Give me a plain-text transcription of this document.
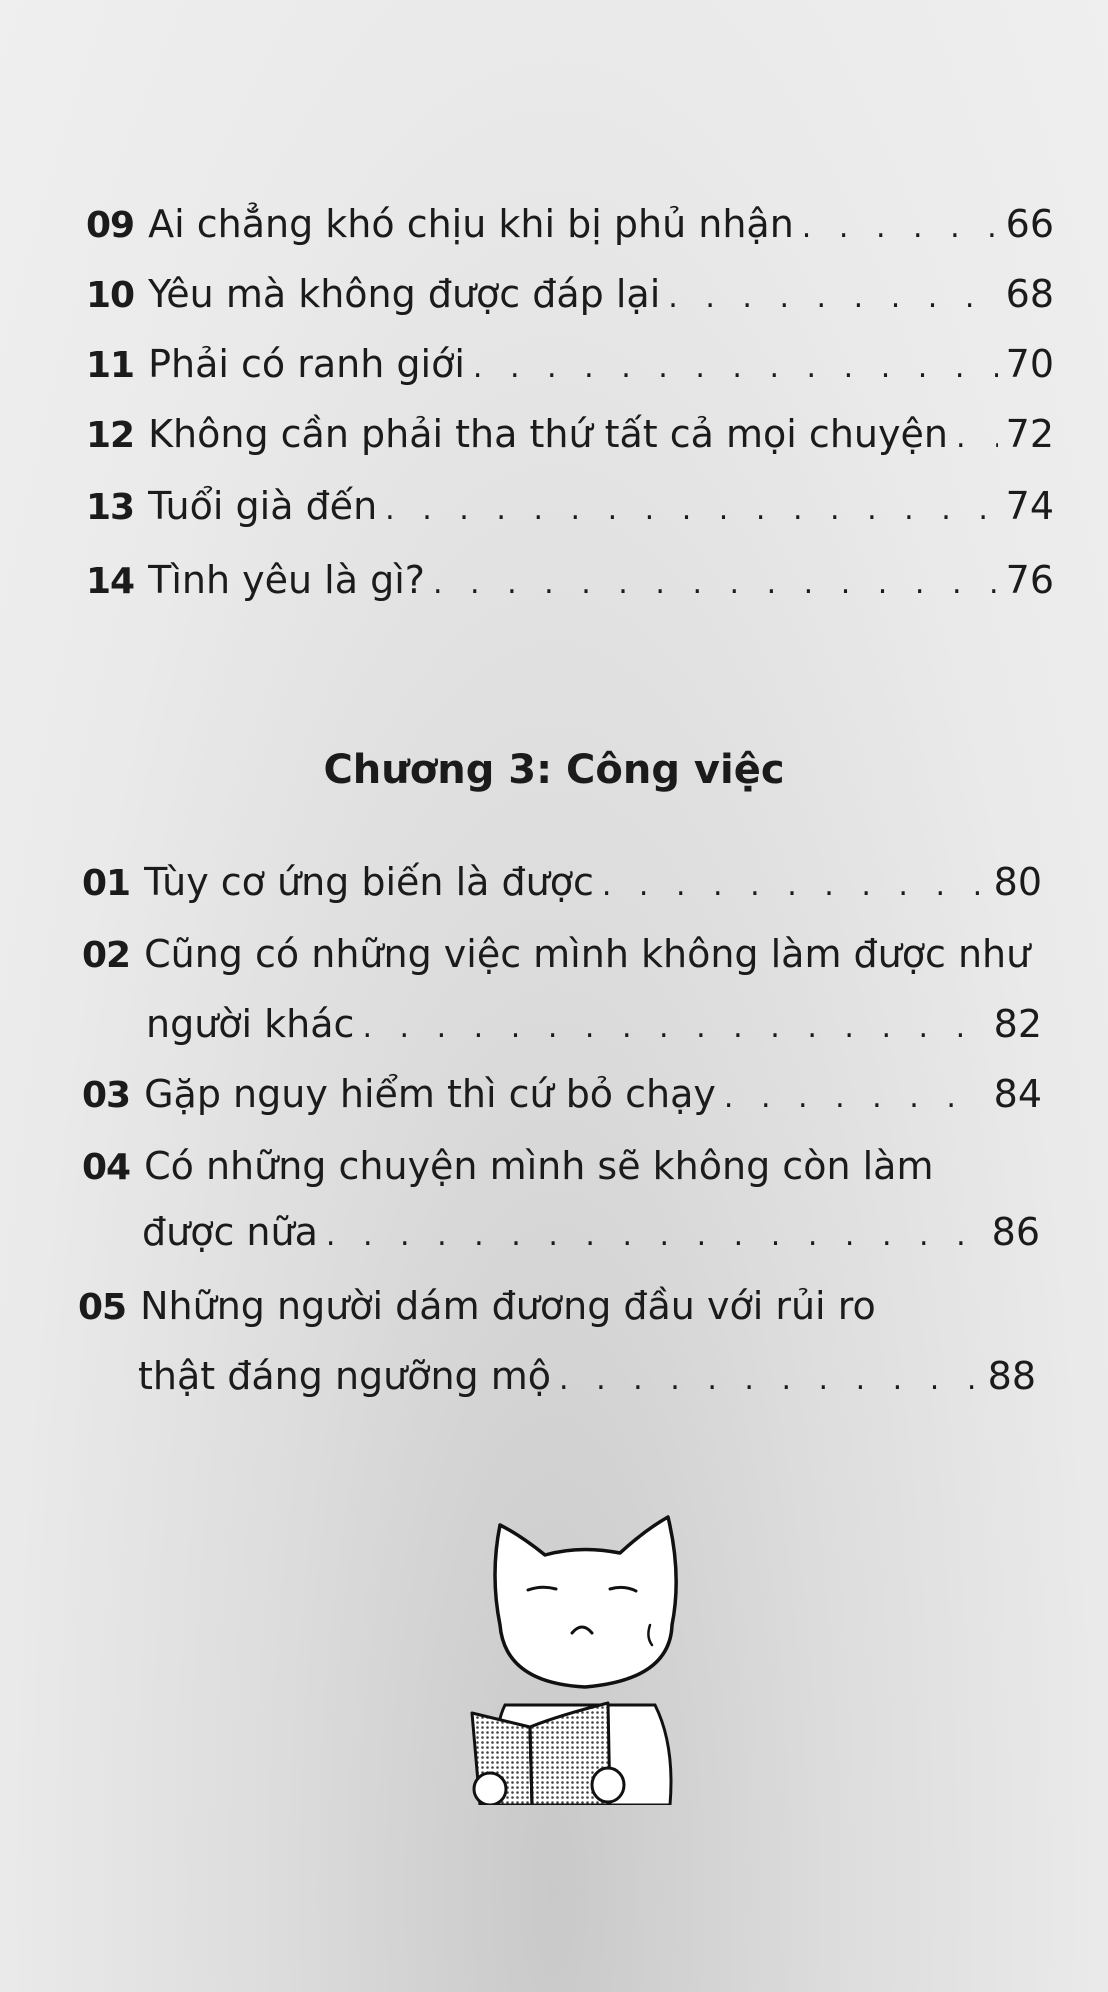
09 Ai chẳng khó chịu khi bị phủ nhận . . .	66
10 Yêu mà không được đáp lại . . .	68
11 Phải có ranh giới . . .	70
12 Không cần phải tha thứ tất cả mọi chuyện . . . 72
13 Tuổi già đến . . .	74
14 Tình yêu là gì? . . .	76
Chương 3: Công việc
01 Tùy cơ ứng biến là được . . .	80
02 Cũng có những việc mình không làm được như
người khác . . .	82
03 Gặp nguy hiểm thì cứ bỏ chạy . . .	84
04 Có những chuyện mình sẽ không còn làm
được nữa . . .	86
05 Những người dám đương đầu với rủi ro
thật đáng ngưỡng mộ . . .	88
